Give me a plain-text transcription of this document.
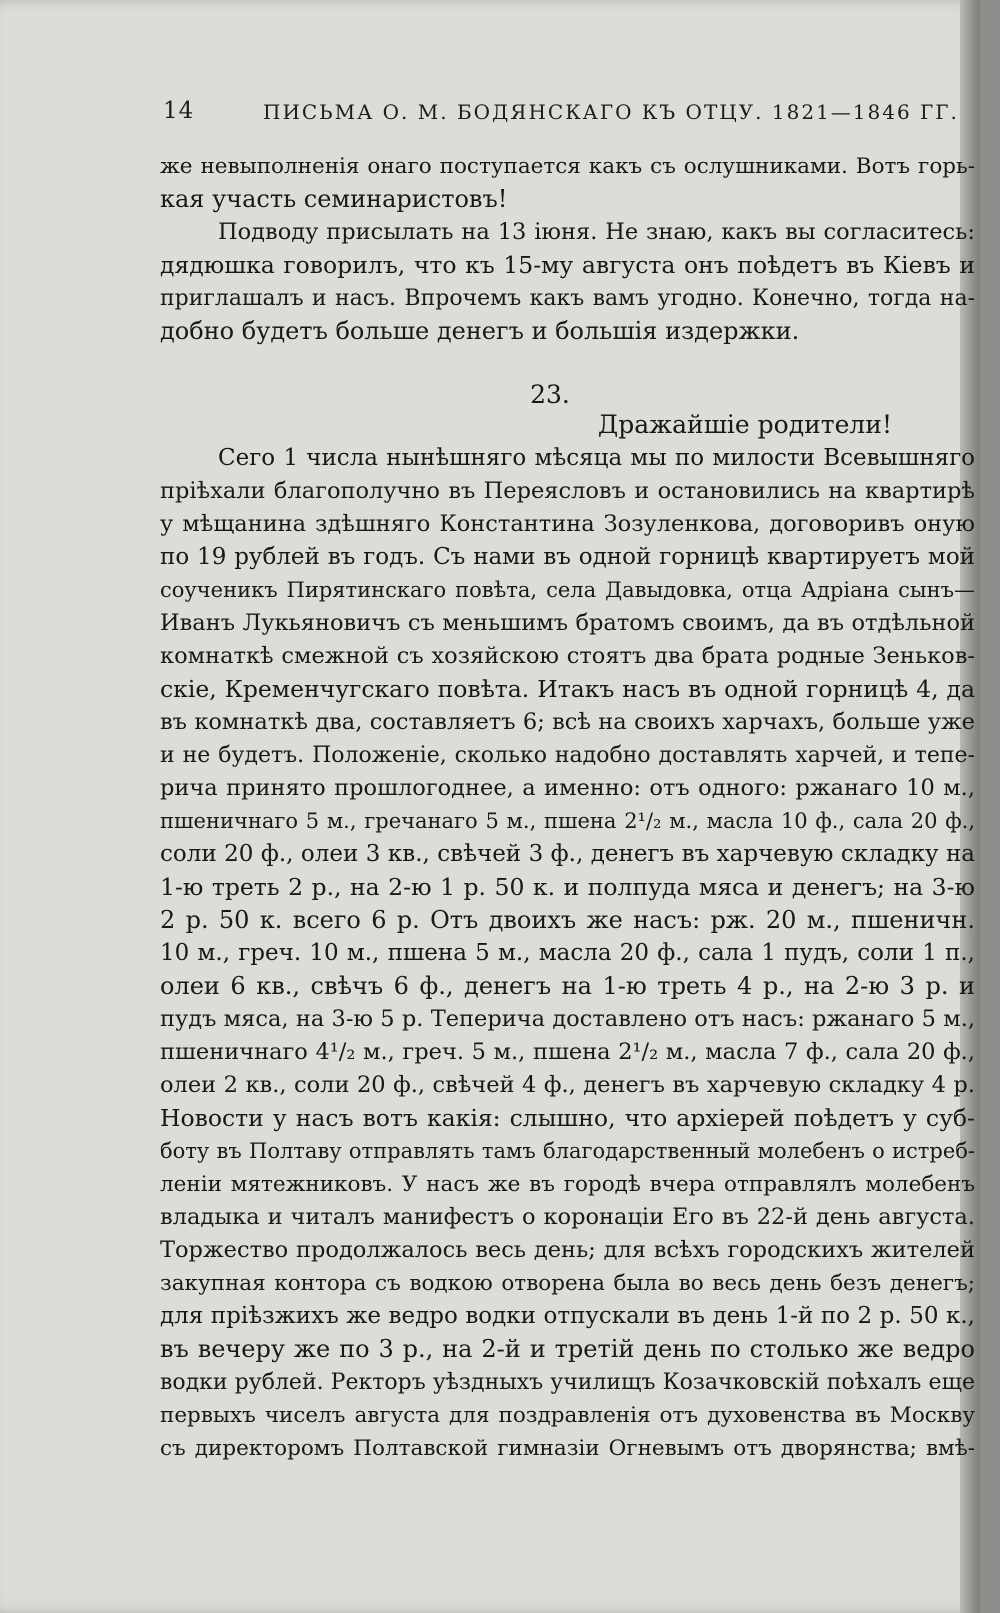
14	ПИСЬМА О. М. БОДЯНСКАГО КЪ ОТЦУ. 1821—1846 ГГ.
же невыполненія онаго поступается какъ съ ослушниками. Вотъ горь-
кая участь семинаристовъ!
Подводу присылать на 13 іюня. Не знаю, какъ вы согласитесь:
дядюшка говорилъ, что къ 15-му августа онъ поѣдетъ въ Кіевъ и
приглашалъ и насъ. Впрочемъ какъ вамъ угодно. Конечно, тогда на-
добно будетъ больше денегъ и большія издержки.
23.
Дражайшіе родители!
Сего 1 числа нынѣшняго мѣсяца мы по милости Всевышняго
пріѣхали благополучно въ Переясловъ и остановились на квартирѣ
у мѣщанина здѣшняго Константина Зозуленкова, договоривъ оную
по 19 рублей въ годъ. Съ нами въ одной горницѣ квартируетъ мой
соученикъ Пирятинскаго повѣта, села Давыдовка, отца Адріана сынъ—
Иванъ Лукьяновичъ съ меньшимъ братомъ своимъ, да въ отдѣльной
комнаткѣ смежной съ хозяйскою стоятъ два брата родные Зеньков-
скіе, Кременчугскаго повѣта. Итакъ насъ въ одной горницѣ 4, да
въ комнаткѣ два, составляетъ 6; всѣ на своихъ харчахъ, больше уже
и не будетъ. Положеніе, сколько надобно доставлять харчей, и тепе-
рича принято прошлогоднее, а именно: отъ одного: ржанаго 10 м.,
пшеничнаго 5 м., гречанаго 5 м., пшена 2¹/₂ м., масла 10 ф., сала 20 ф.,
соли 20 ф., олеи 3 кв., свѣчей 3 ф., денегъ въ харчевую складку на
1-ю треть 2 р., на 2-ю 1 р. 50 к. и полпуда мяса и денегъ; на 3-ю
2 р. 50 к. всего 6 р. Отъ двоихъ же насъ: рж. 20 м., пшеничн.
10 м., греч. 10 м., пшена 5 м., масла 20 ф., сала 1 пудъ, соли 1 п.,
олеи 6 кв., свѣчъ 6 ф., денегъ на 1-ю треть 4 р., на 2-ю 3 р. и
пудъ мяса, на 3-ю 5 р. Теперича доставлено отъ насъ: ржанаго 5 м.,
пшеничнаго 4¹/₂ м., греч. 5 м., пшена 2¹/₂ м., масла 7 ф., сала 20 ф.,
олеи 2 кв., соли 20 ф., свѣчей 4 ф., денегъ въ харчевую складку 4 р.
Новости у насъ вотъ какія: слышно, что архіерей поѣдетъ у суб-
боту въ Полтаву отправлять тамъ благодарственный молебенъ о истреб-
леніи мятежниковъ. У насъ же въ городѣ вчера отправлялъ молебенъ
владыка и читалъ манифестъ о коронаціи Его въ 22-й день августа.
Торжество продолжалось весь день; для всѣхъ городскихъ жителей
закупная контора съ водкою отворена была во весь день безъ денегъ;
для пріѣзжихъ же ведро водки отпускали въ день 1-й по 2 р. 50 к.,
въ вечеру же по 3 р., на 2-й и третій день по столько же ведро
водки рублей. Ректоръ уѣздныхъ училищъ Козачковскій поѣхалъ еще
первыхъ чиселъ августа для поздравленія отъ духовенства въ Москву
съ директоромъ Полтавской гимназіи Огневымъ отъ дворянства; вмѣ-
